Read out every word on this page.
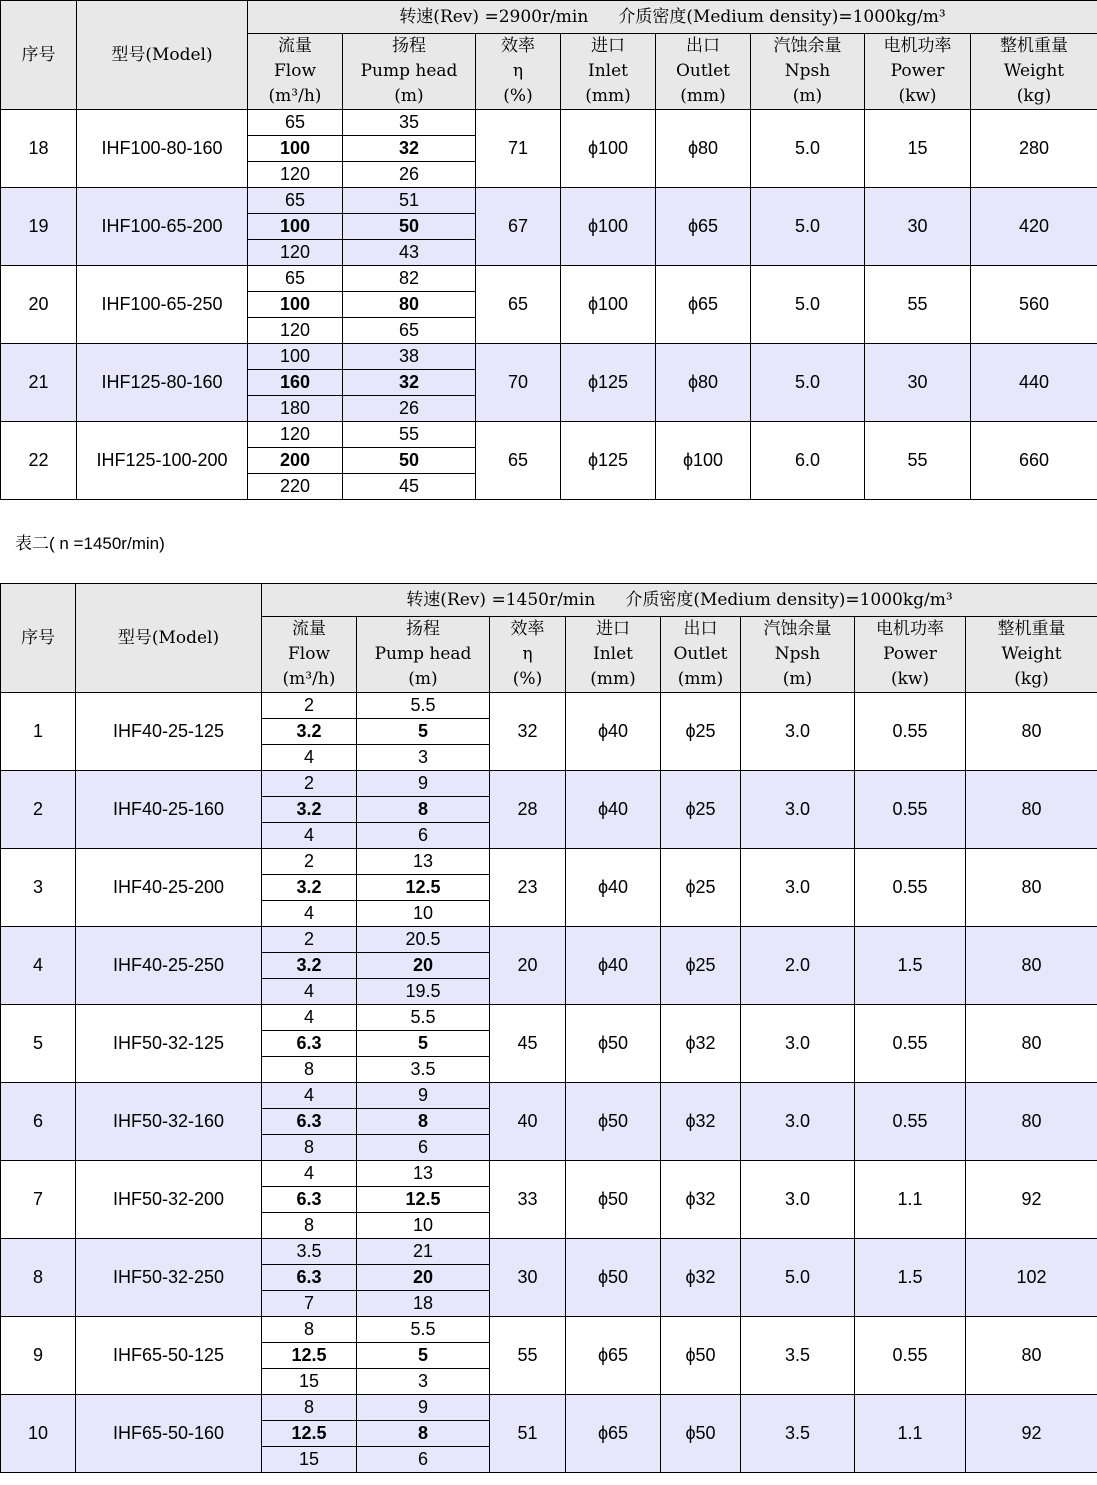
序号	型号(Model)	转速(Rev) =2900r/min 介质密度(Medium density)=1000kg/m³							

		流量
Flow
(m³/h)	扬程
Pump head
(m)	效率
η
(%)	进口
Inlet
(mm)	出口
Outlet
(mm)	汽蚀余量
Npsh
(m)	电机功率
Power
(kw)	整机重量
Weight
(kg)

18	IHF100-80-160	65	35	71	ϕ100	ϕ80	5.0	15	280
		100	32						
		120	26						
19	IHF100-65-200	65	51	67	ϕ100	ϕ65	5.0	30	420
		100	50						
		120	43						
20	IHF100-65-250	65	82	65	ϕ100	ϕ65	5.0	55	560
		100	80						
		120	65						
21	IHF125-80-160	100	38	70	ϕ125	ϕ80	5.0	30	440
		160	32						
		180	26						
22	IHF125-100-200	120	55	65	ϕ125	ϕ100	6.0	55	660
		200	50						
		220	45						
表二( n =1450r/min)
序号	型号(Model)	转速(Rev) =1450r/min 介质密度(Medium density)=1000kg/m³							

		流量
Flow
(m³/h)	扬程
Pump head
(m)	效率
η
(%)	进口
Inlet
(mm)	出口
Outlet
(mm)	汽蚀余量
Npsh
(m)	电机功率
Power
(kw)	整机重量
Weight
(kg)

1	IHF40-25-125	2	5.5	32	ϕ40	ϕ25	3.0	0.55	80
		3.2	5						
		4	3						
2	IHF40-25-160	2	9	28	ϕ40	ϕ25	3.0	0.55	80
		3.2	8						
		4	6						
3	IHF40-25-200	2	13	23	ϕ40	ϕ25	3.0	0.55	80
		3.2	12.5						
		4	10						
4	IHF40-25-250	2	20.5	20	ϕ40	ϕ25	2.0	1.5	80
		3.2	20						
		4	19.5						
5	IHF50-32-125	4	5.5	45	ϕ50	ϕ32	3.0	0.55	80
		6.3	5						
		8	3.5						
6	IHF50-32-160	4	9	40	ϕ50	ϕ32	3.0	0.55	80
		6.3	8						
		8	6						
7	IHF50-32-200	4	13	33	ϕ50	ϕ32	3.0	1.1	92
		6.3	12.5						
		8	10						
8	IHF50-32-250	3.5	21	30	ϕ50	ϕ32	5.0	1.5	102
		6.3	20						
		7	18						
9	IHF65-50-125	8	5.5	55	ϕ65	ϕ50	3.5	0.55	80
		12.5	5						
		15	3						
10	IHF65-50-160	8	9	51	ϕ65	ϕ50	3.5	1.1	92
		12.5	8						
		15	6						
